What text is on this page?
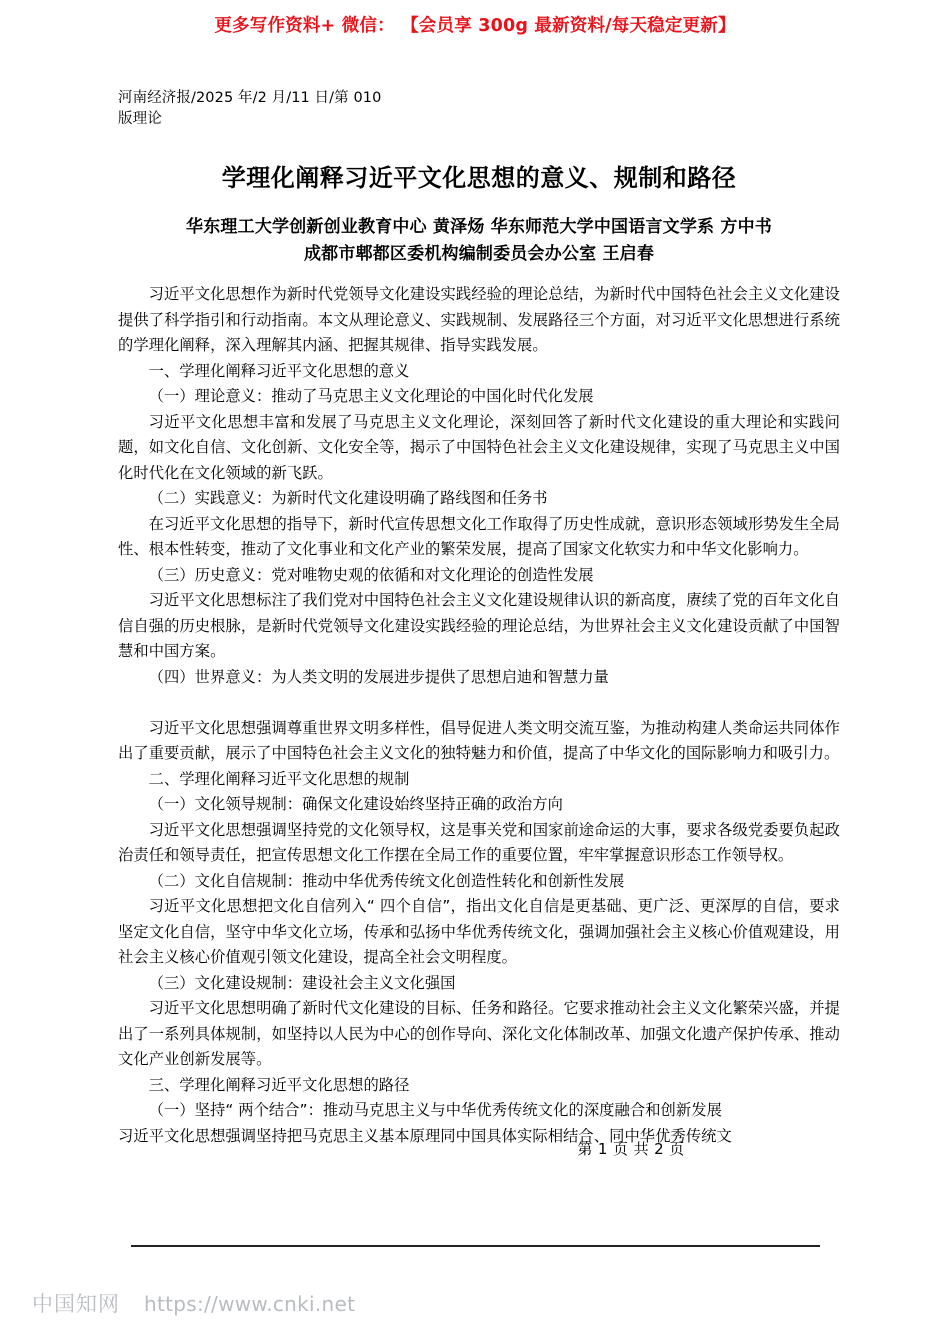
更多写作资料+ 微信： 【会员享 300g 最新资料/每天稳定更新】
河南经济报/2025 年/2 月/11 日/第 010
版理论
学理化阐释习近平文化思想的意义、规制和路径
华东理工大学创新创业教育中心 黄泽炀 华东师范大学中国语言文学系 方中书
成都市郫都区委机构编制委员会办公室 王启春

习近平文化思想作为新时代党领导文化建设实践经验的理论总结，为新时代中国特色社会主义文化建设提供了科学指引和行动指南。本文从理论意义、实践规制、发展路径三个方面，对习近平文化思想进行系统的学理化阐释，深入理解其内涵、把握其规律、指导实践发展。

一、学理化阐释习近平文化思想的意义

（一）理论意义：推动了马克思主义文化理论的中国化时代化发展

习近平文化思想丰富和发展了马克思主义文化理论，深刻回答了新时代文化建设的重大理论和实践问题，如文化自信、文化创新、文化安全等，揭示了中国特色社会主义文化建设规律，实现了马克思主义中国化时代化在文化领域的新飞跃。

（二）实践意义：为新时代文化建设明确了路线图和任务书

在习近平文化思想的指导下，新时代宣传思想文化工作取得了历史性成就，意识形态领域形势发生全局性、根本性转变，推动了文化事业和文化产业的繁荣发展，提高了国家文化软实力和中华文化影响力。

（三）历史意义：党对唯物史观的依循和对文化理论的创造性发展

习近平文化思想标注了我们党对中国特色社会主义文化建设规律认识的新高度，赓续了党的百年文化自信自强的历史根脉，是新时代党领导文化建设实践经验的理论总结，为世界社会主义文化建设贡献了中国智慧和中国方案。

（四）世界意义：为人类文明的发展进步提供了思想启迪和智慧力量

习近平文化思想强调尊重世界文明多样性，倡导促进人类文明交流互鉴，为推动构建人类命运共同体作出了重要贡献，展示了中国特色社会主义文化的独特魅力和价值，提高了中华文化的国际影响力和吸引力。

二、学理化阐释习近平文化思想的规制

（一）文化领导规制：确保文化建设始终坚持正确的政治方向

习近平文化思想强调坚持党的文化领导权，这是事关党和国家前途命运的大事，要求各级党委要负起政治责任和领导责任，把宣传思想文化工作摆在全局工作的重要位置，牢牢掌握意识形态工作领导权。

（二）文化自信规制：推动中华优秀传统文化创造性转化和创新性发展

习近平文化思想把文化自信列入“ 四个自信”，指出文化自信是更基础、更广泛、更深厚的自信，要求坚定文化自信，坚守中华文化立场，传承和弘扬中华优秀传统文化，强调加强社会主义核心价值观建设，用社会主义核心价值观引领文化建设，提高全社会文明程度。

（三）文化建设规制：建设社会主义文化强国

习近平文化思想明确了新时代文化建设的目标、任务和路径。它要求推动社会主义文化繁荣兴盛，并提出了一系列具体规制，如坚持以人民为中心的创作导向、深化文化体制改革、加强文化遗产保护传承、推动文化产业创新发展等。

三、学理化阐释习近平文化思想的路径

（一）坚持“ 两个结合”：推动马克思主义与中华优秀传统文化的深度融合和创新发展

习近平文化思想强调坚持把马克思主义基本原理同中国具体实际相结合、同中华优秀传统文

第 1 页 共 2 页
中国知网 https://www.cnki.net
